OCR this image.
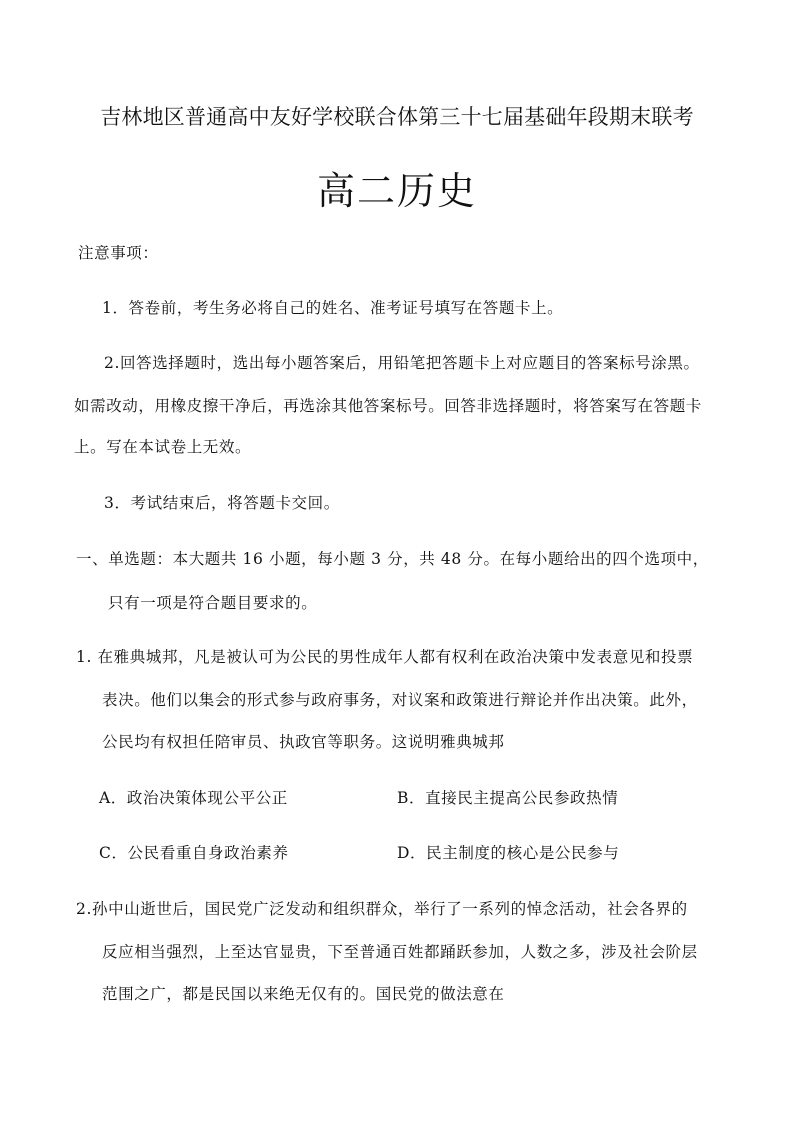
吉林地区普通高中友好学校联合体第三十七届基础年段期末联考
高二历史

注意事项：

1．答卷前，考生务必将自己的姓名、准考证号填写在答题卡上。

2.回答选择题时，选出每小题答案后，用铅笔把答题卡上对应题目的答案标号涂黑。

如需改动，用橡皮擦干净后，再选涂其他答案标号。回答非选择题时，将答案写在答题卡

上。写在本试卷上无效。

3．考试结束后，将答题卡交回。

一、单选题：本大题共 16 小题，每小题 3 分，共 48 分。在每小题给出的四个选项中，

只有一项是符合题目要求的。

1. 在雅典城邦，凡是被认可为公民的男性成年人都有权利在政治决策中发表意见和投票

表决。他们以集会的形式参与政府事务，对议案和政策进行辩论并作出决策。此外，

公民均有权担任陪审员、执政官等职务。这说明雅典城邦

A．政治决策体现公平公正	B．直接民主提高公民参政热情

C．公民看重自身政治素养	D．民主制度的核心是公民参与

2.孙中山逝世后，国民党广泛发动和组织群众，举行了一系列的悼念活动，社会各界的

反应相当强烈，上至达官显贵，下至普通百姓都踊跃参加，人数之多，涉及社会阶层

范围之广，都是民国以来绝无仅有的。国民党的做法意在
